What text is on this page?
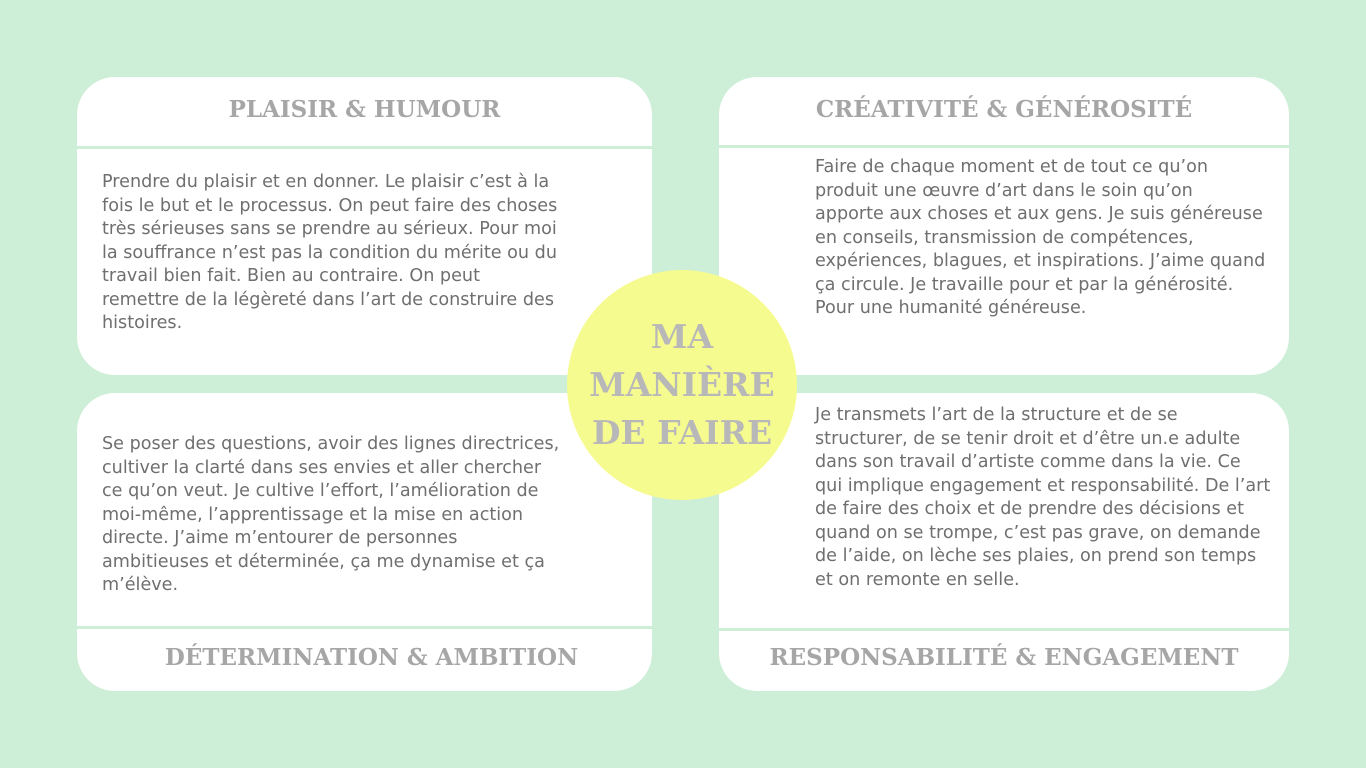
PLAISIR & HUMOUR

Prendre du plaisir et en donner. Le plaisir c’est à la fois le but et le processus. On peut faire des choses très sérieuses sans se prendre au sérieux. Pour moi la souffrance n’est pas la condition du mérite ou du travail bien fait. Bien au contraire. On peut remettre de la légèreté dans l’art de construire des histoires.

CRÉATIVITÉ & GÉNÉROSITÉ

Faire de chaque moment et de tout ce qu’on produit une œuvre d’art dans le soin qu’on apporte aux choses et aux gens. Je suis généreuse en conseils, transmission de compétences, expériences, blagues, et inspirations. J’aime quand ça circule. Je travaille pour et par la générosité. Pour une humanité généreuse.

Se poser des questions, avoir des lignes directrices, cultiver la clarté dans ses envies et aller chercher ce qu’on veut. Je cultive l’effort, l’amélioration de moi-même, l’apprentissage et la mise en action directe. J’aime m’entourer de personnes ambitieuses et déterminée, ça me dynamise et ça m’élève.

DÉTERMINATION & AMBITION

Je transmets l’art de la structure et de se structurer, de se tenir droit et d’être un.e adulte dans son travail d’artiste comme dans la vie. Ce qui implique engagement et responsabilité. De l’art de faire des choix et de prendre des décisions et quand on se trompe, c’est pas grave, on demande de l’aide, on lèche ses plaies, on prend son temps et on remonte en selle.

RESPONSABILITÉ & ENGAGEMENT
MA
MANIÈRE
DE FAIRE
